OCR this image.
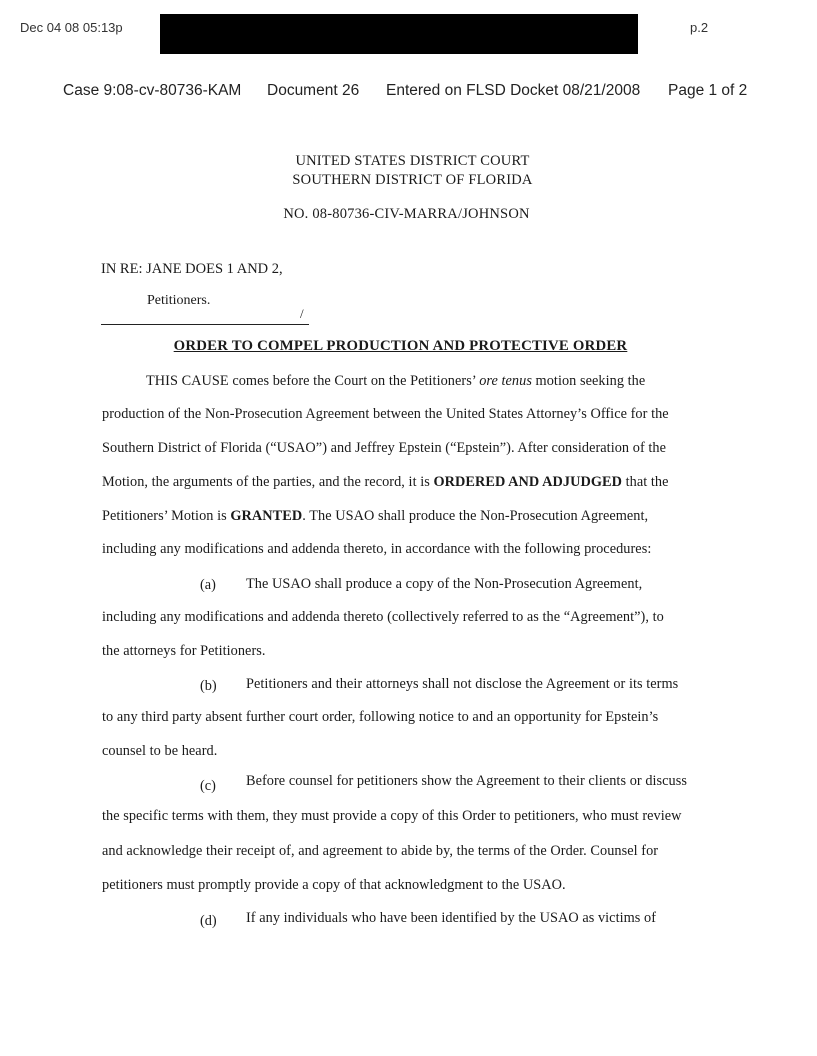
Dec 04 08 05:13p	p.2
Case 9:08-cv-80736-KAM Document 26 Entered on FLSD Docket 08/21/2008 Page 1 of 2
UNITED STATES DISTRICT COURT
SOUTHERN DISTRICT OF FLORIDA
NO. 08-80736-CIV-MARRA/JOHNSON
IN RE: JANE DOES 1 AND 2,
Petitioners.
/
ORDER TO COMPEL PRODUCTION AND PROTECTIVE ORDER
THIS CAUSE comes before the Court on the Petitioners’ ore tenus motion seeking the
production of the Non-Prosecution Agreement between the United States Attorney’s Office for the
Southern District of Florida (“USAO”) and Jeffrey Epstein (“Epstein”). After consideration of the
Motion, the arguments of the parties, and the record, it is ORDERED AND ADJUDGED that the
Petitioners’ Motion is GRANTED. The USAO shall produce the Non-Prosecution Agreement,
including any modifications and addenda thereto, in accordance with the following procedures:
(a) The USAO shall produce a copy of the Non-Prosecution Agreement,
including any modifications and addenda thereto (collectively referred to as the “Agreement”), to
the attorneys for Petitioners.
(b) Petitioners and their attorneys shall not disclose the Agreement or its terms
to any third party absent further court order, following notice to and an opportunity for Epstein’s
counsel to be heard.
(c) Before counsel for petitioners show the Agreement to their clients or discuss
the specific terms with them, they must provide a copy of this Order to petitioners, who must review
and acknowledge their receipt of, and agreement to abide by, the terms of the Order. Counsel for
petitioners must promptly provide a copy of that acknowledgment to the USAO.
(d) If any individuals who have been identified by the USAO as victims of
